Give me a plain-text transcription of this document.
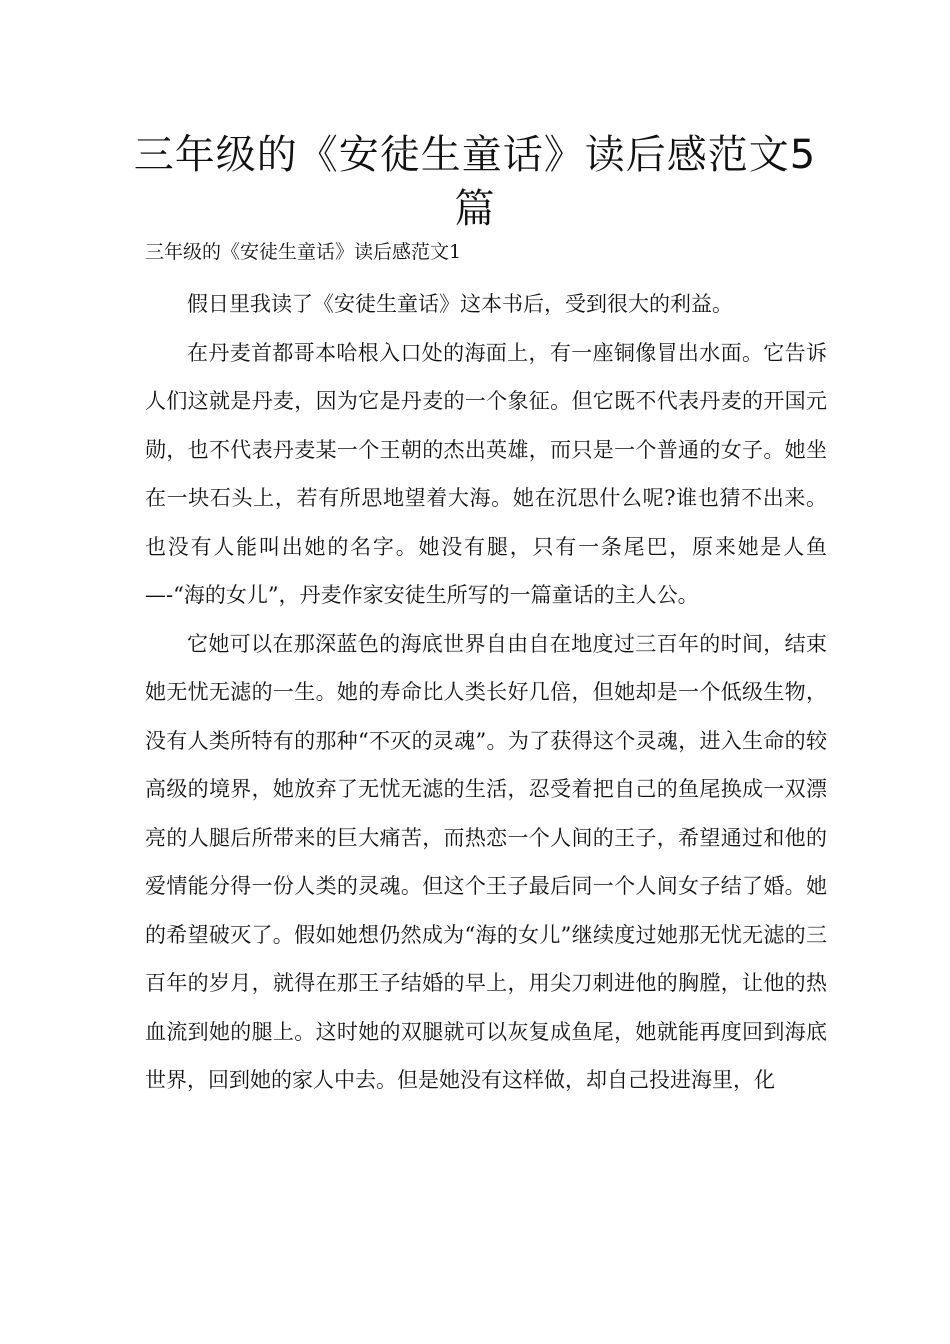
三年级的《安徒生童话》读后感范文5篇
三年级的《安徒生童话》读后感范文1

假日里我读了《安徒生童话》这本书后，受到很大的利益。

在丹麦首都哥本哈根入口处的海面上，有一座铜像冒出水面。它告诉人们这就是丹麦，因为它是丹麦的一个象征。但它既不代表丹麦的开国元勋，也不代表丹麦某一个王朝的杰出英雄，而只是一个普通的女子。她坐在一块石头上，若有所思地望着大海。她在沉思什么呢?谁也猜不出来。也没有人能叫出她的名字。她没有腿，只有一条尾巴，原来她是人鱼—-“海的女儿”，丹麦作家安徒生所写的一篇童话的主人公。

它她可以在那深蓝色的海底世界自由自在地度过三百年的时间，结束她无忧无滤的一生。她的寿命比人类长好几倍，但她却是一个低级生物，没有人类所特有的那种“不灭的灵魂”。为了获得这个灵魂，进入生命的较高级的境界，她放弃了无忧无滤的生活，忍受着把自己的鱼尾换成一双漂亮的人腿后所带来的巨大痛苦，而热恋一个人间的王子，希望通过和他的爱情能分得一份人类的灵魂。但这个王子最后同一个人间女子结了婚。她的希望破灭了。假如她想仍然成为“海的女儿”继续度过她那无忧无滤的三百年的岁月，就得在那王子结婚的早上，用尖刀刺进他的胸膛，让他的热血流到她的腿上。这时她的双腿就可以灰复成鱼尾，她就能再度回到海底世界，回到她的家人中去。但是她没有这样做，却自己投进海里，化
